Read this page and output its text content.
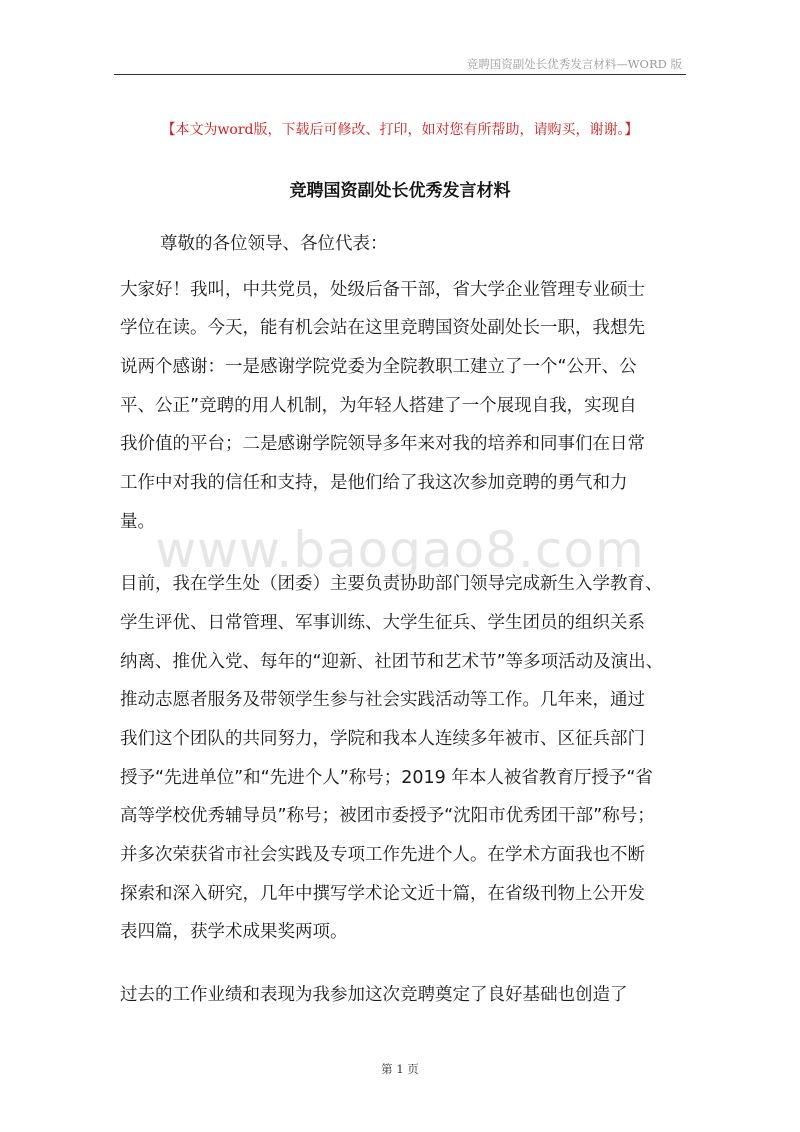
竞聘国资副处长优秀发言材料—WORD 版
【本文为word版，下载后可修改、打印，如对您有所帮助，请购买，谢谢。】
竞聘国资副处长优秀发言材料
www.baogao8.com
尊敬的各位领导、各位代表：
大家好！我叫，中共党员，处级后备干部，省大学企业管理专业硕士
学位在读。今天，能有机会站在这里竞聘国资处副处长一职，我想先
说两个感谢：一是感谢学院党委为全院教职工建立了一个“公开、公
平、公正”竞聘的用人机制，为年轻人搭建了一个展现自我，实现自
我价值的平台；二是感谢学院领导多年来对我的培养和同事们在日常
工作中对我的信任和支持，是他们给了我这次参加竞聘的勇气和力
量。
目前，我在学生处（团委）主要负责协助部门领导完成新生入学教育、
学生评优、日常管理、军事训练、大学生征兵、学生团员的组织关系
纳离、推优入党、每年的“迎新、社团节和艺术节”等多项活动及演出、
推动志愿者服务及带领学生参与社会实践活动等工作。几年来，通过
我们这个团队的共同努力，学院和我本人连续多年被市、区征兵部门
授予“先进单位”和“先进个人”称号；2019 年本人被省教育厅授予“省
高等学校优秀辅导员”称号；被团市委授予“沈阳市优秀团干部”称号；
并多次荣获省市社会实践及专项工作先进个人。在学术方面我也不断
探索和深入研究，几年中撰写学术论文近十篇，在省级刊物上公开发
表四篇，获学术成果奖两项。
过去的工作业绩和表现为我参加这次竞聘奠定了良好基础也创造了
第 1 页
